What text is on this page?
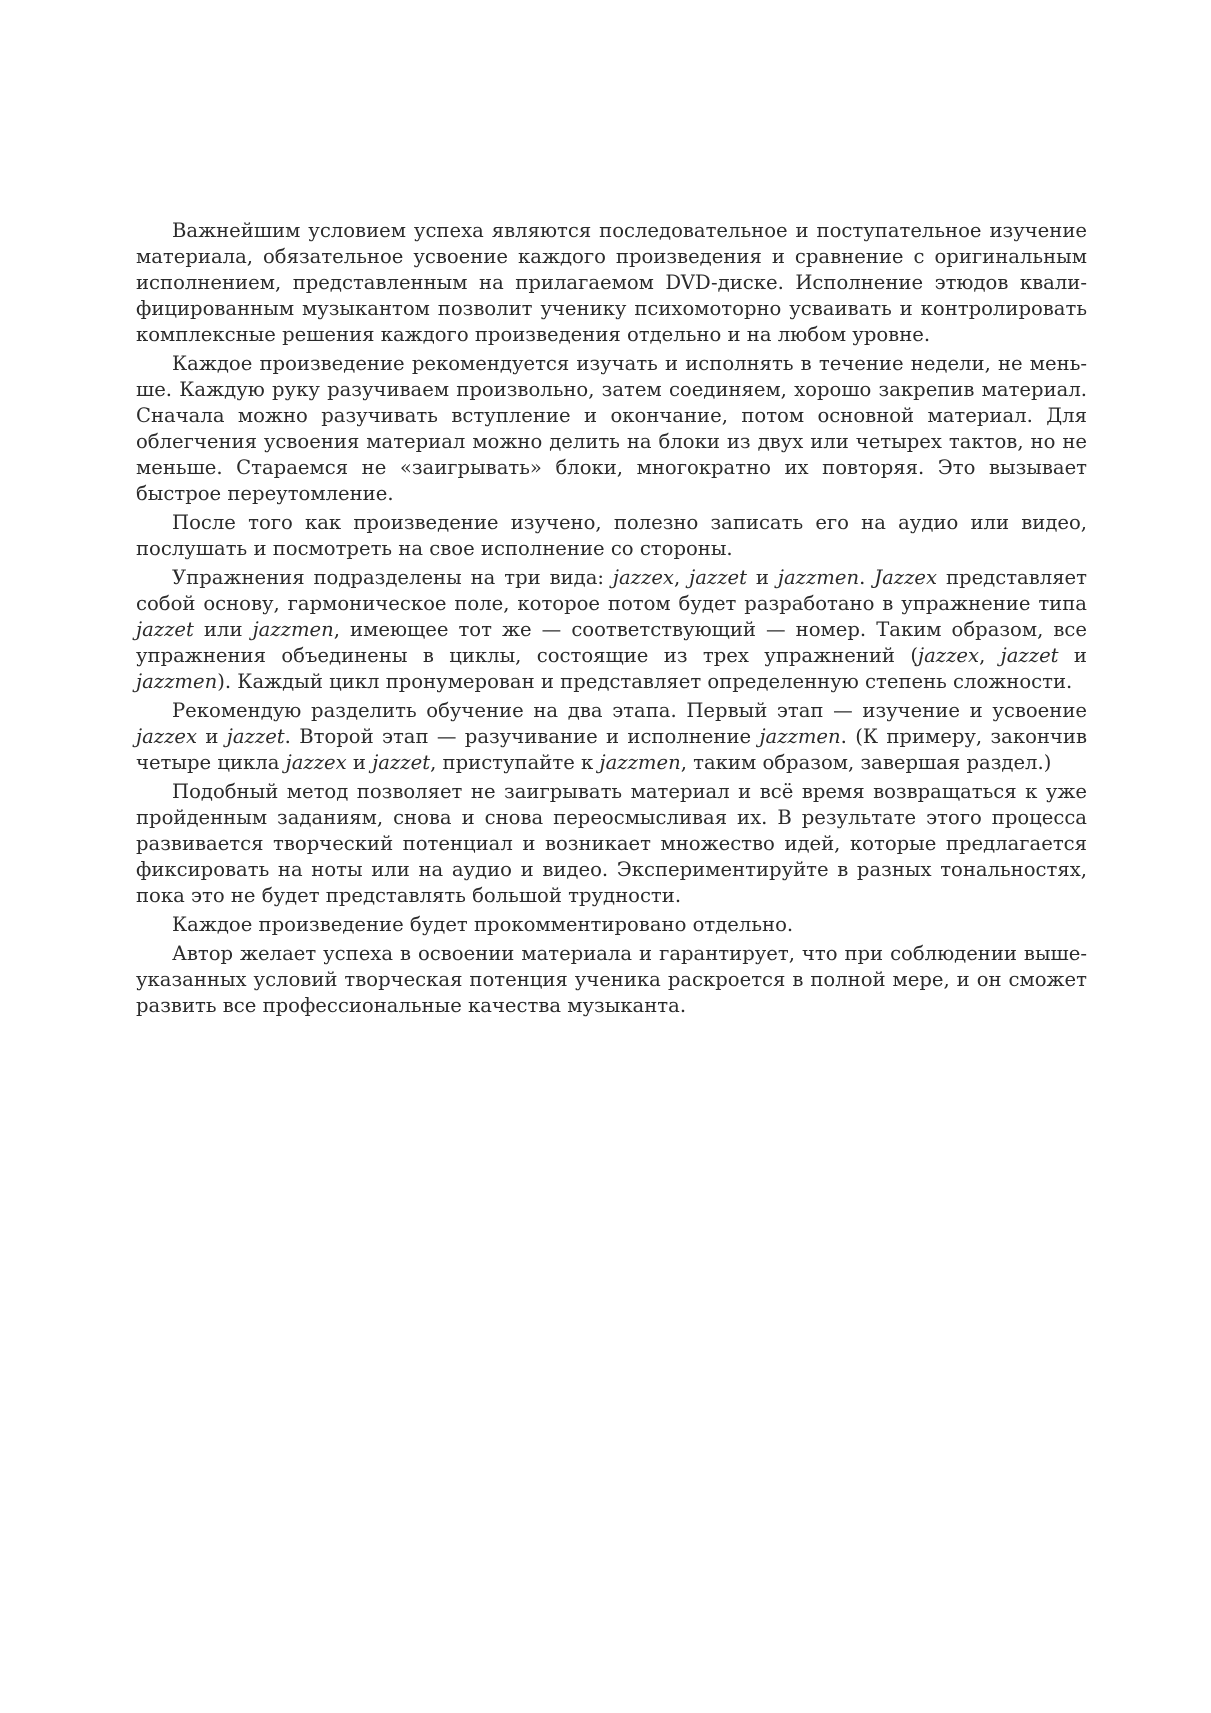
Важнейшим условием успеха являются последовательное и поступательное изучение материала, обязательное усвоение каждого произведения и сравнение с оригинальным исполнением, представленным на прилагаемом DVD-диске. Исполнение этюдов квалифицированным музыкантом позволит ученику психомоторно усваивать и контролировать комплексные решения каждого произведения отдельно и на любом уровне.

Каждое произведение рекомендуется изучать и исполнять в течение недели, не меньше. Каждую руку разучиваем произвольно, затем соединяем, хорошо закрепив материал. Сначала можно разучивать вступление и окончание, потом основной материал. Для облегчения усвоения материал можно делить на блоки из двух или четырех тактов, но не меньше. Стараемся не «заигрывать» блоки, многократно их повторяя. Это вызывает быстрое переутомление.

После того как произведение изучено, полезно записать его на аудио или видео, послушать и посмотреть на свое исполнение со стороны.

Упражнения подразделены на три вида: jazzex, jazzet и jazzmen. Jazzex представляет собой основу, гармоническое поле, которое потом будет разработано в упражнение типа jazzet или jazzmen, имеющее тот же — соответствующий — номер. Таким образом, все упражнения объединены в циклы, состоящие из трех упражнений (jazzex, jazzet и jazzmen). Каждый цикл пронумерован и представляет определенную степень сложности.

Рекомендую разделить обучение на два этапа. Первый этап — изучение и усвоение jazzex и jazzet. Второй этап — разучивание и исполнение jazzmen. (К примеру, закончив четыре цикла jazzex и jazzet, приступайте к jazzmen, таким образом, завершая раздел.)

Подобный метод позволяет не заигрывать материал и всё время возвращаться к уже пройденным заданиям, снова и снова переосмысливая их. В результате этого процесса развивается творческий потенциал и возникает множество идей, которые предлагается фиксировать на ноты или на аудио и видео. Экспериментируйте в разных тональностях, пока это не будет представлять большой трудности.

Каждое произведение будет прокомментировано отдельно.

Автор желает успеха в освоении материала и гарантирует, что при соблюдении вышеуказанных условий творческая потенция ученика раскроется в полной мере, и он сможет развить все профессиональные качества музыканта.
